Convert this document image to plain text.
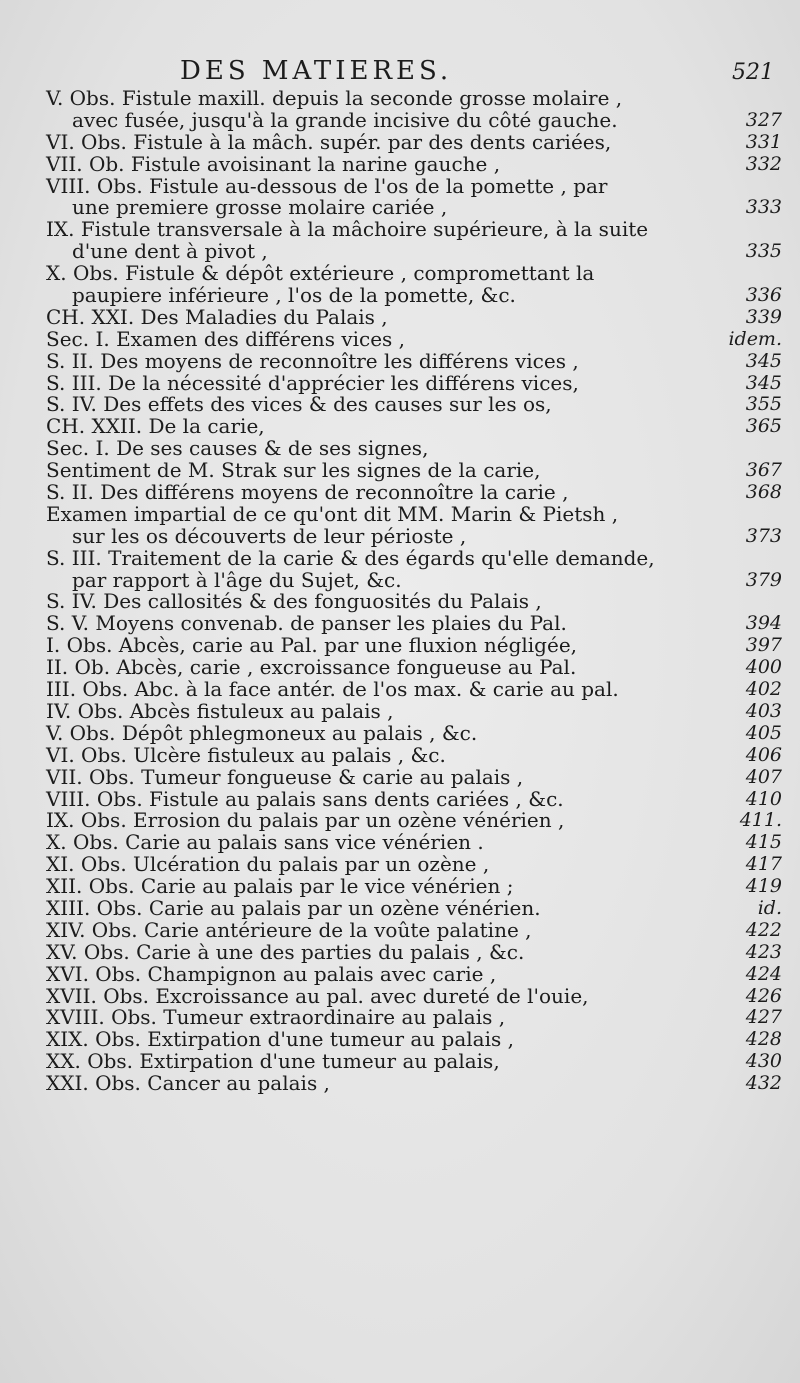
DES MATIERES.	521
V. Obs. Fistule maxill. depuis la seconde grosse molaire ,
avec fusée, jusqu'à la grande incisive du côté gauche.	327
VI. Obs. Fistule à la mâch. supér. par des dents cariées,	331
VII. Ob. Fistule avoisinant la narine gauche ,	332
VIII. Obs. Fistule au-dessous de l'os de la pomette , par
une premiere grosse molaire cariée ,	333
IX. Fistule transversale à la mâchoire supérieure, à la suite
d'une dent à pivot ,	335
X. Obs. Fistule & dépôt extérieure , compromettant la
paupiere inférieure , l'os de la pomette, &c.	336
CH. XXI. Des Maladies du Palais ,	339
Sec. I. Examen des différens vices ,	idem.
S. II. Des moyens de reconnoître les différens vices ,	345
S. III. De la nécessité d'apprécier les différens vices,	345
S. IV. Des effets des vices & des causes sur les os,	355
CH. XXII. De la carie,	365
Sec. I. De ses causes & de ses signes,
Sentiment de M. Strak sur les signes de la carie,	367
S. II. Des différens moyens de reconnoître la carie ,	368
Examen impartial de ce qu'ont dit MM. Marin & Pietsh ,
sur les os découverts de leur périoste ,	373
S. III. Traitement de la carie & des égards qu'elle demande,
par rapport à l'âge du Sujet, &c.	379
S. IV. Des callosités & des fonguosités du Palais ,
S. V. Moyens convenab. de panser les plaies du Pal.	394
I. Obs. Abcès, carie au Pal. par une fluxion négligée,	397
II. Ob. Abcès, carie , excroissance fongueuse au Pal.	400
III. Obs. Abc. à la face antér. de l'os max. & carie au pal.	402
IV. Obs. Abcès fistuleux au palais ,	403
V. Obs. Dépôt phlegmoneux au palais , &c.	405
VI. Obs. Ulcère fistuleux au palais , &c.	406
VII. Obs. Tumeur fongueuse & carie au palais ,	407
VIII. Obs. Fistule au palais sans dents cariées , &c.	410
IX. Obs. Errosion du palais par un ozène vénérien ,	411.
X. Obs. Carie au palais sans vice vénérien .	415
XI. Obs. Ulcération du palais par un ozène ,	417
XII. Obs. Carie au palais par le vice vénérien ;	419
XIII. Obs. Carie au palais par un ozène vénérien.	id.
XIV. Obs. Carie antérieure de la voûte palatine ,	422
XV. Obs. Carie à une des parties du palais , &c.	423
XVI. Obs. Champignon au palais avec carie ,	424
XVII. Obs. Excroissance au pal. avec dureté de l'ouie,	426
XVIII. Obs. Tumeur extraordinaire au palais ,	427
XIX. Obs. Extirpation d'une tumeur au palais ,	428
XX. Obs. Extirpation d'une tumeur au palais,	430
XXI. Obs. Cancer au palais ,	432
